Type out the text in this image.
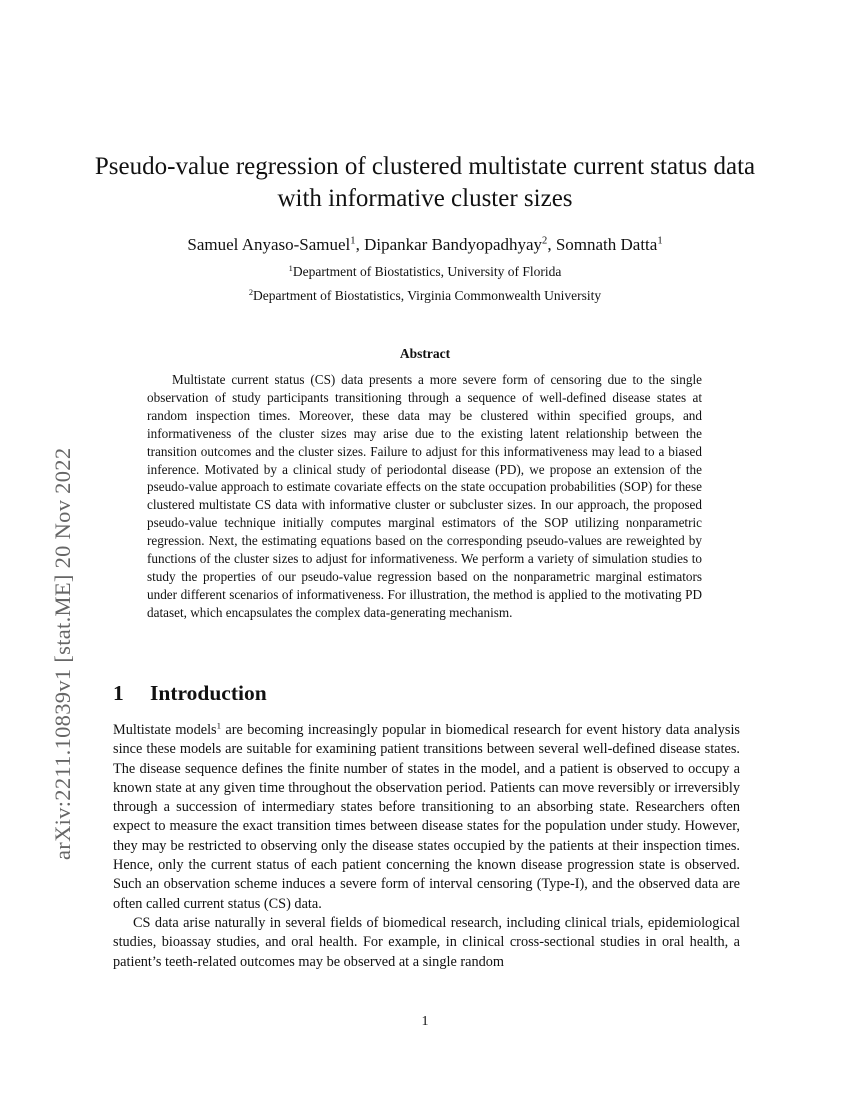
arXiv:2211.10839v1 [stat.ME] 20 Nov 2022
Pseudo-value regression of clustered multistate current status data with informative cluster sizes
Samuel Anyaso-Samuel$^1$, Dipankar Bandyopadhyay$^2$, Somnath Datta$^1$
$^1$Department of Biostatistics, University of Florida
$^2$Department of Biostatistics, Virginia Commonwealth University
Abstract

Multistate current status (CS) data presents a more severe form of censoring due to the single observation of study participants transitioning through a sequence of well-defined disease states at random inspection times. Moreover, these data may be clustered within specified groups, and informativeness of the cluster sizes may arise due to the existing latent relationship between the transition outcomes and the cluster sizes. Failure to adjust for this informativeness may lead to a biased inference. Motivated by a clinical study of periodontal disease (PD), we propose an extension of the pseudo-value approach to estimate covariate effects on the state occupation probabilities (SOP) for these clustered multistate CS data with informative cluster or subcluster sizes. In our approach, the proposed pseudo-value technique initially computes marginal estimators of the SOP utilizing nonparametric regression. Next, the estimating equations based on the corresponding pseudo-values are reweighted by functions of the cluster sizes to adjust for informativeness. We perform a variety of simulation studies to study the properties of our pseudo-value regression based on the nonparametric marginal estimators under different scenarios of informativeness. For illustration, the method is applied to the motivating PD dataset, which encapsulates the complex data-generating mechanism.

1 Introduction

Multistate models$^1$ are becoming increasingly popular in biomedical research for event history data analysis since these models are suitable for examining patient transitions between several well-defined disease states. The disease sequence defines the finite number of states in the model, and a patient is observed to occupy a known state at any given time throughout the observation period. Patients can move reversibly or irreversibly through a succession of intermediary states before transitioning to an absorbing state. Researchers often expect to measure the exact transition times between disease states for the population under study. However, they may be restricted to observing only the disease states occupied by the patients at their inspection times. Hence, only the current status of each patient concerning the known disease progression state is observed. Such an observation scheme induces a severe form of interval censoring (Type-I), and the observed data are often called current status (CS) data.

CS data arise naturally in several fields of biomedical research, including clinical trials, epidemiological studies, bioassay studies, and oral health. For example, in clinical cross-sectional studies in oral health, a patient’s teeth-related outcomes may be observed at a single random

1
